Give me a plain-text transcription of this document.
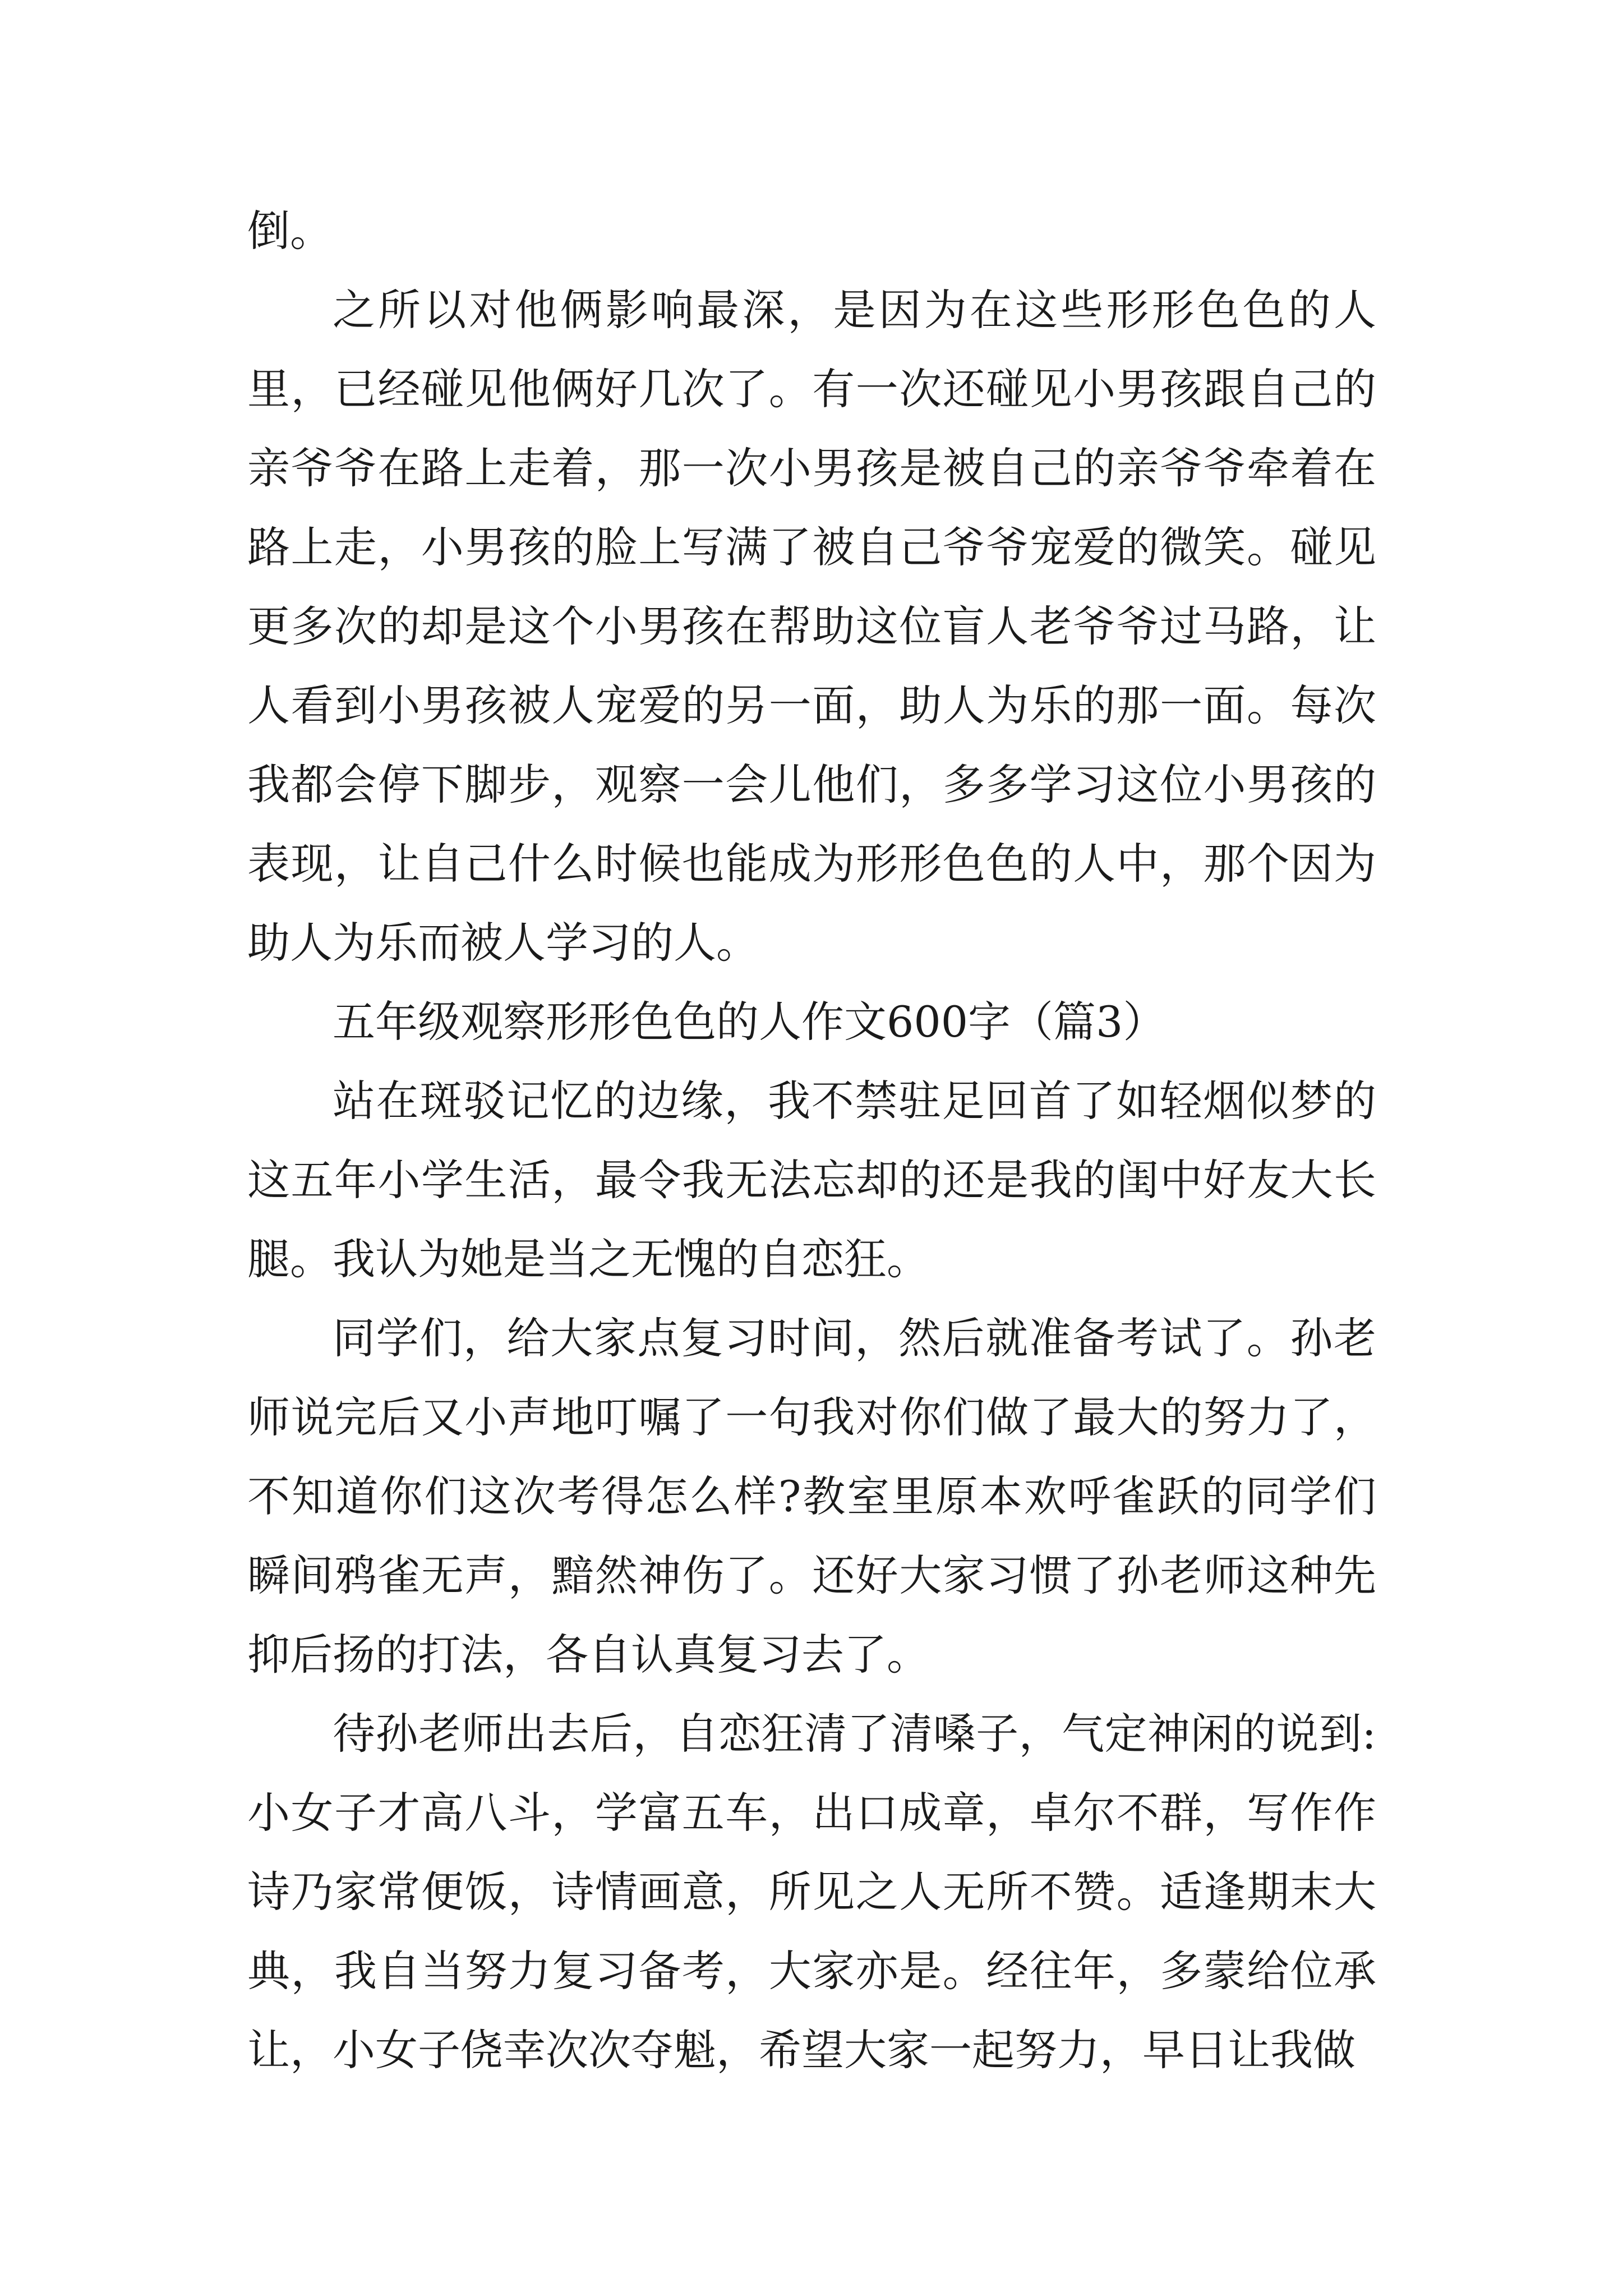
倒。

之所以对他俩影响最深，是因为在这些形形色色的人里，已经碰见他俩好几次了。有一次还碰见小男孩跟自己的亲爷爷在路上走着，那一次小男孩是被自己的亲爷爷牵着在路上走，小男孩的脸上写满了被自己爷爷宠爱的微笑。碰见更多次的却是这个小男孩在帮助这位盲人老爷爷过马路，让人看到小男孩被人宠爱的另一面，助人为乐的那一面。每次我都会停下脚步，观察一会儿他们，多多学习这位小男孩的表现，让自己什么时候也能成为形形色色的人中，那个因为助人为乐而被人学习的人。

五年级观察形形色色的人作文600字（篇3）

站在斑驳记忆的边缘，我不禁驻足回首了如轻烟似梦的这五年小学生活，最令我无法忘却的还是我的闺中好友大长腿。我认为她是当之无愧的自恋狂。

同学们，给大家点复习时间，然后就准备考试了。孙老师说完后又小声地叮嘱了一句我对你们做了最大的努力了，不知道你们这次考得怎么样?教室里原本欢呼雀跃的同学们瞬间鸦雀无声，黯然神伤了。还好大家习惯了孙老师这种先抑后扬的打法，各自认真复习去了。

待孙老师出去后，自恋狂清了清嗓子，气定神闲的说到:小女子才高八斗，学富五车，出口成章，卓尔不群，写作作诗乃家常便饭，诗情画意，所见之人无所不赞。适逢期末大典，我自当努力复习备考，大家亦是。经往年，多蒙给位承让，小女子侥幸次次夺魁，希望大家一起努力，早日让我做
